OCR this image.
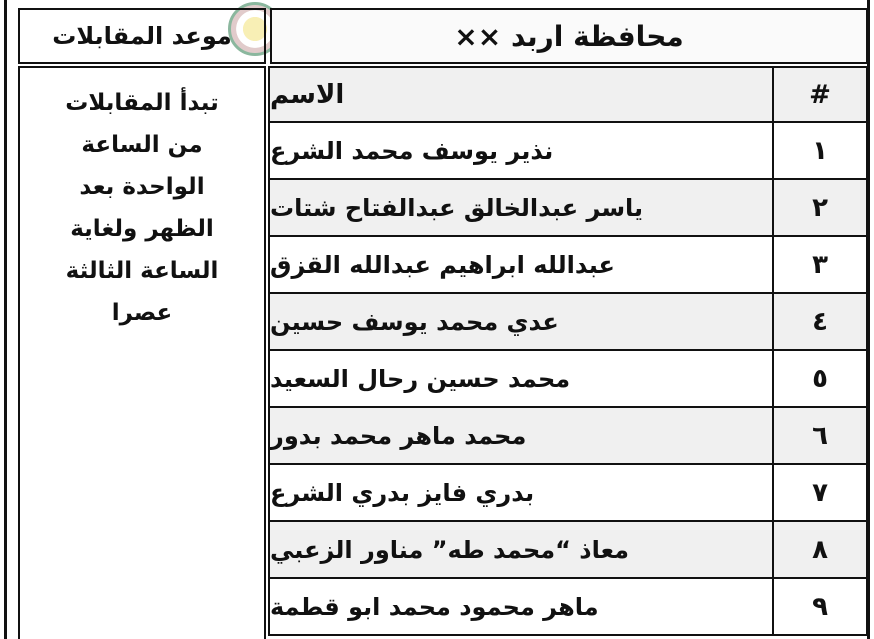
موعد المقابلات	×× محافظة اربد
تبدأ المقابلات
من الساعة
الواحدة بعد
الظهر ولغاية
الساعة الثالثة
عصرا
الاسم	#
نذير يوسف محمد الشرع	١
ياسر عبدالخالق عبدالفتاح شتات	٢
عبدالله ابراهيم عبدالله القزق	٣
عدي محمد يوسف حسين	٤
محمد حسين رحال السعيد	٥
محمد ماهر محمد بدور	٦
بدري فايز بدري الشرع	٧
معاذ “محمد طه” مناور الزعبي	٨
ماهر محمود محمد ابو قطمة	٩
